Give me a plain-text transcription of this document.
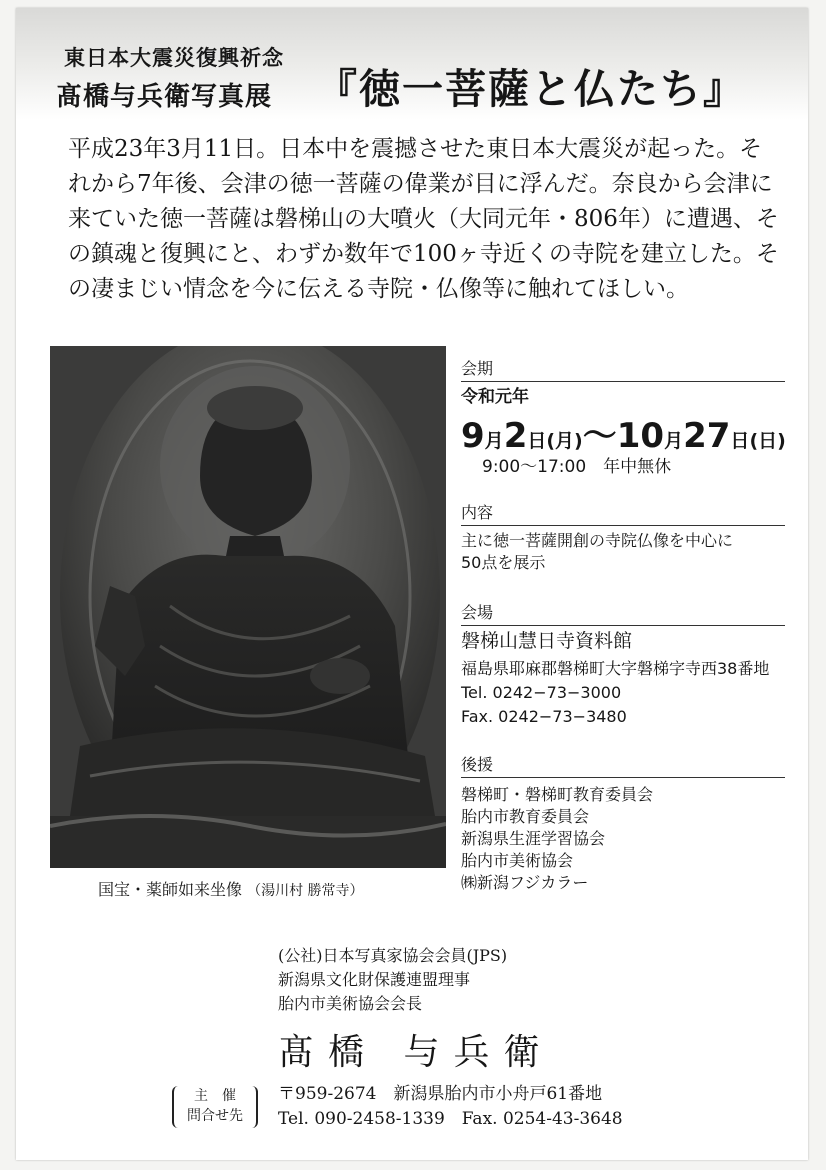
東日本大震災復興祈念
髙橋与兵衛写真展 『徳一菩薩と仏たち』

平成23年3月11日。日本中を震撼させた東日本大震災が起った。それから7年後、会津の徳一菩薩の偉業が目に浮んだ。奈良から会津に来ていた徳一菩薩は磐梯山の大噴火（大同元年・806年）に遭遇、その鎮魂と復興にと、わずか数年で100ヶ寺近くの寺院を建立した。その凄まじい情念を今に伝える寺院・仏像等に触れてほしい。

国宝・薬師如来坐像 （湯川村 勝常寺）
会期
令和元年
9月2日(月)〜10月27日(日)
9:00〜17:00　年中無休
内容
主に徳一菩薩開創の寺院仏像を中心に
50点を展示
会場
磐梯山慧日寺資料館
福島県耶麻郡磐梯町大字磐梯字寺西38番地
Tel. 0242−73−3000
Fax. 0242−73−3480
後援
磐梯町・磐梯町教育委員会
胎内市教育委員会
新潟県生涯学習協会
胎内市美術協会
㈱新潟フジカラー
(公社)日本写真家協会会員(JPS)
新潟県文化財保護連盟理事
胎内市美術協会会長
髙橋 与兵衛
主　催
問合せ先
〒959-2674　新潟県胎内市小舟戸61番地
Tel. 090-2458-1339　Fax. 0254-43-3648
